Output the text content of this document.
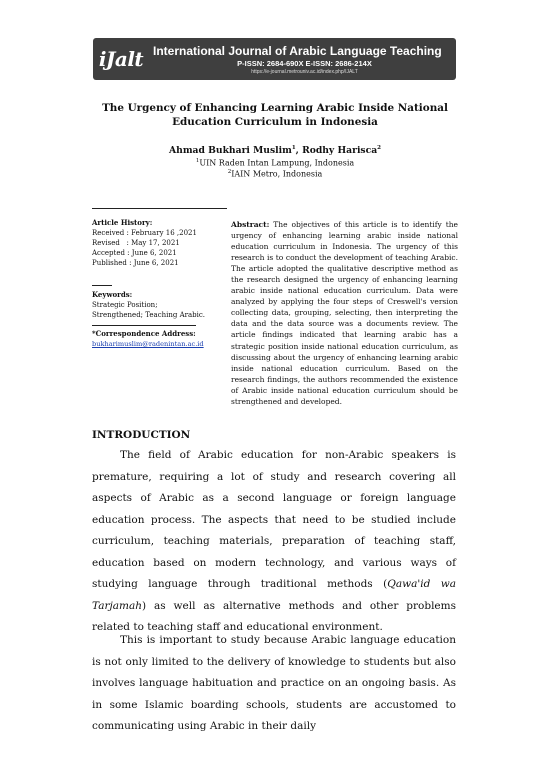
iJalt International Journal of Arabic Language Teaching
P-ISSN: 2684-690X E-ISSN: 2686-214X
https://e-journal.metrouniv.ac.id/index.php/IJALT
The Urgency of Enhancing Learning Arabic Inside National Education Curriculum in Indonesia
Ahmad Bukhari Muslim$^1$, Rodhy Harisca$^2$
$^1$UIN Raden Intan Lampung, Indonesia
$^2$IAIN Metro, Indonesia
Article History:
Received : February 16 ,2021
Revised   : May 17, 2021
Accepted : June 6, 2021
Published : June 6, 2021
Keywords:
Strategic Position;
Strengthened; Teaching Arabic.
*Correspondence Address:
bukharimuslim@radenintan.ac.id
Abstract: The objectives of this article is to identify the urgency of enhancing learning arabic inside national education curriculum in Indonesia. The urgency of this research is to conduct the development of teaching Arabic. The article adopted the qualitative descriptive method as the research designed the urgency of enhancing learning arabic inside national education curriculum. Data were analyzed by applying the four steps of Creswell's version collecting data, grouping, selecting, then interpreting the data and the data source was a documents review. The article findings indicated that learning arabic has a strategic position inside national education curriculum, as discussing about the urgency of enhancing learning arabic inside national education curriculum. Based on the research findings, the authors recommended the existence of Arabic inside national education curriculum should be strengthened and developed.
INTRODUCTION
The field of Arabic education for non-Arabic speakers is premature, requiring a lot of study and research covering all aspects of Arabic as a second language or foreign language education process. The aspects that need to be studied include curriculum, teaching materials, preparation of teaching staff, education based on modern technology, and various ways of studying language through traditional methods (Qawa'id wa Tarjamah) as well as alternative methods and other problems related to teaching staff and educational environment.
This is important to study because Arabic language education is not only limited to the delivery of knowledge to students but also involves language habituation and practice on an ongoing basis. As in some Islamic boarding schools, students are accustomed to communicating using Arabic in their daily
